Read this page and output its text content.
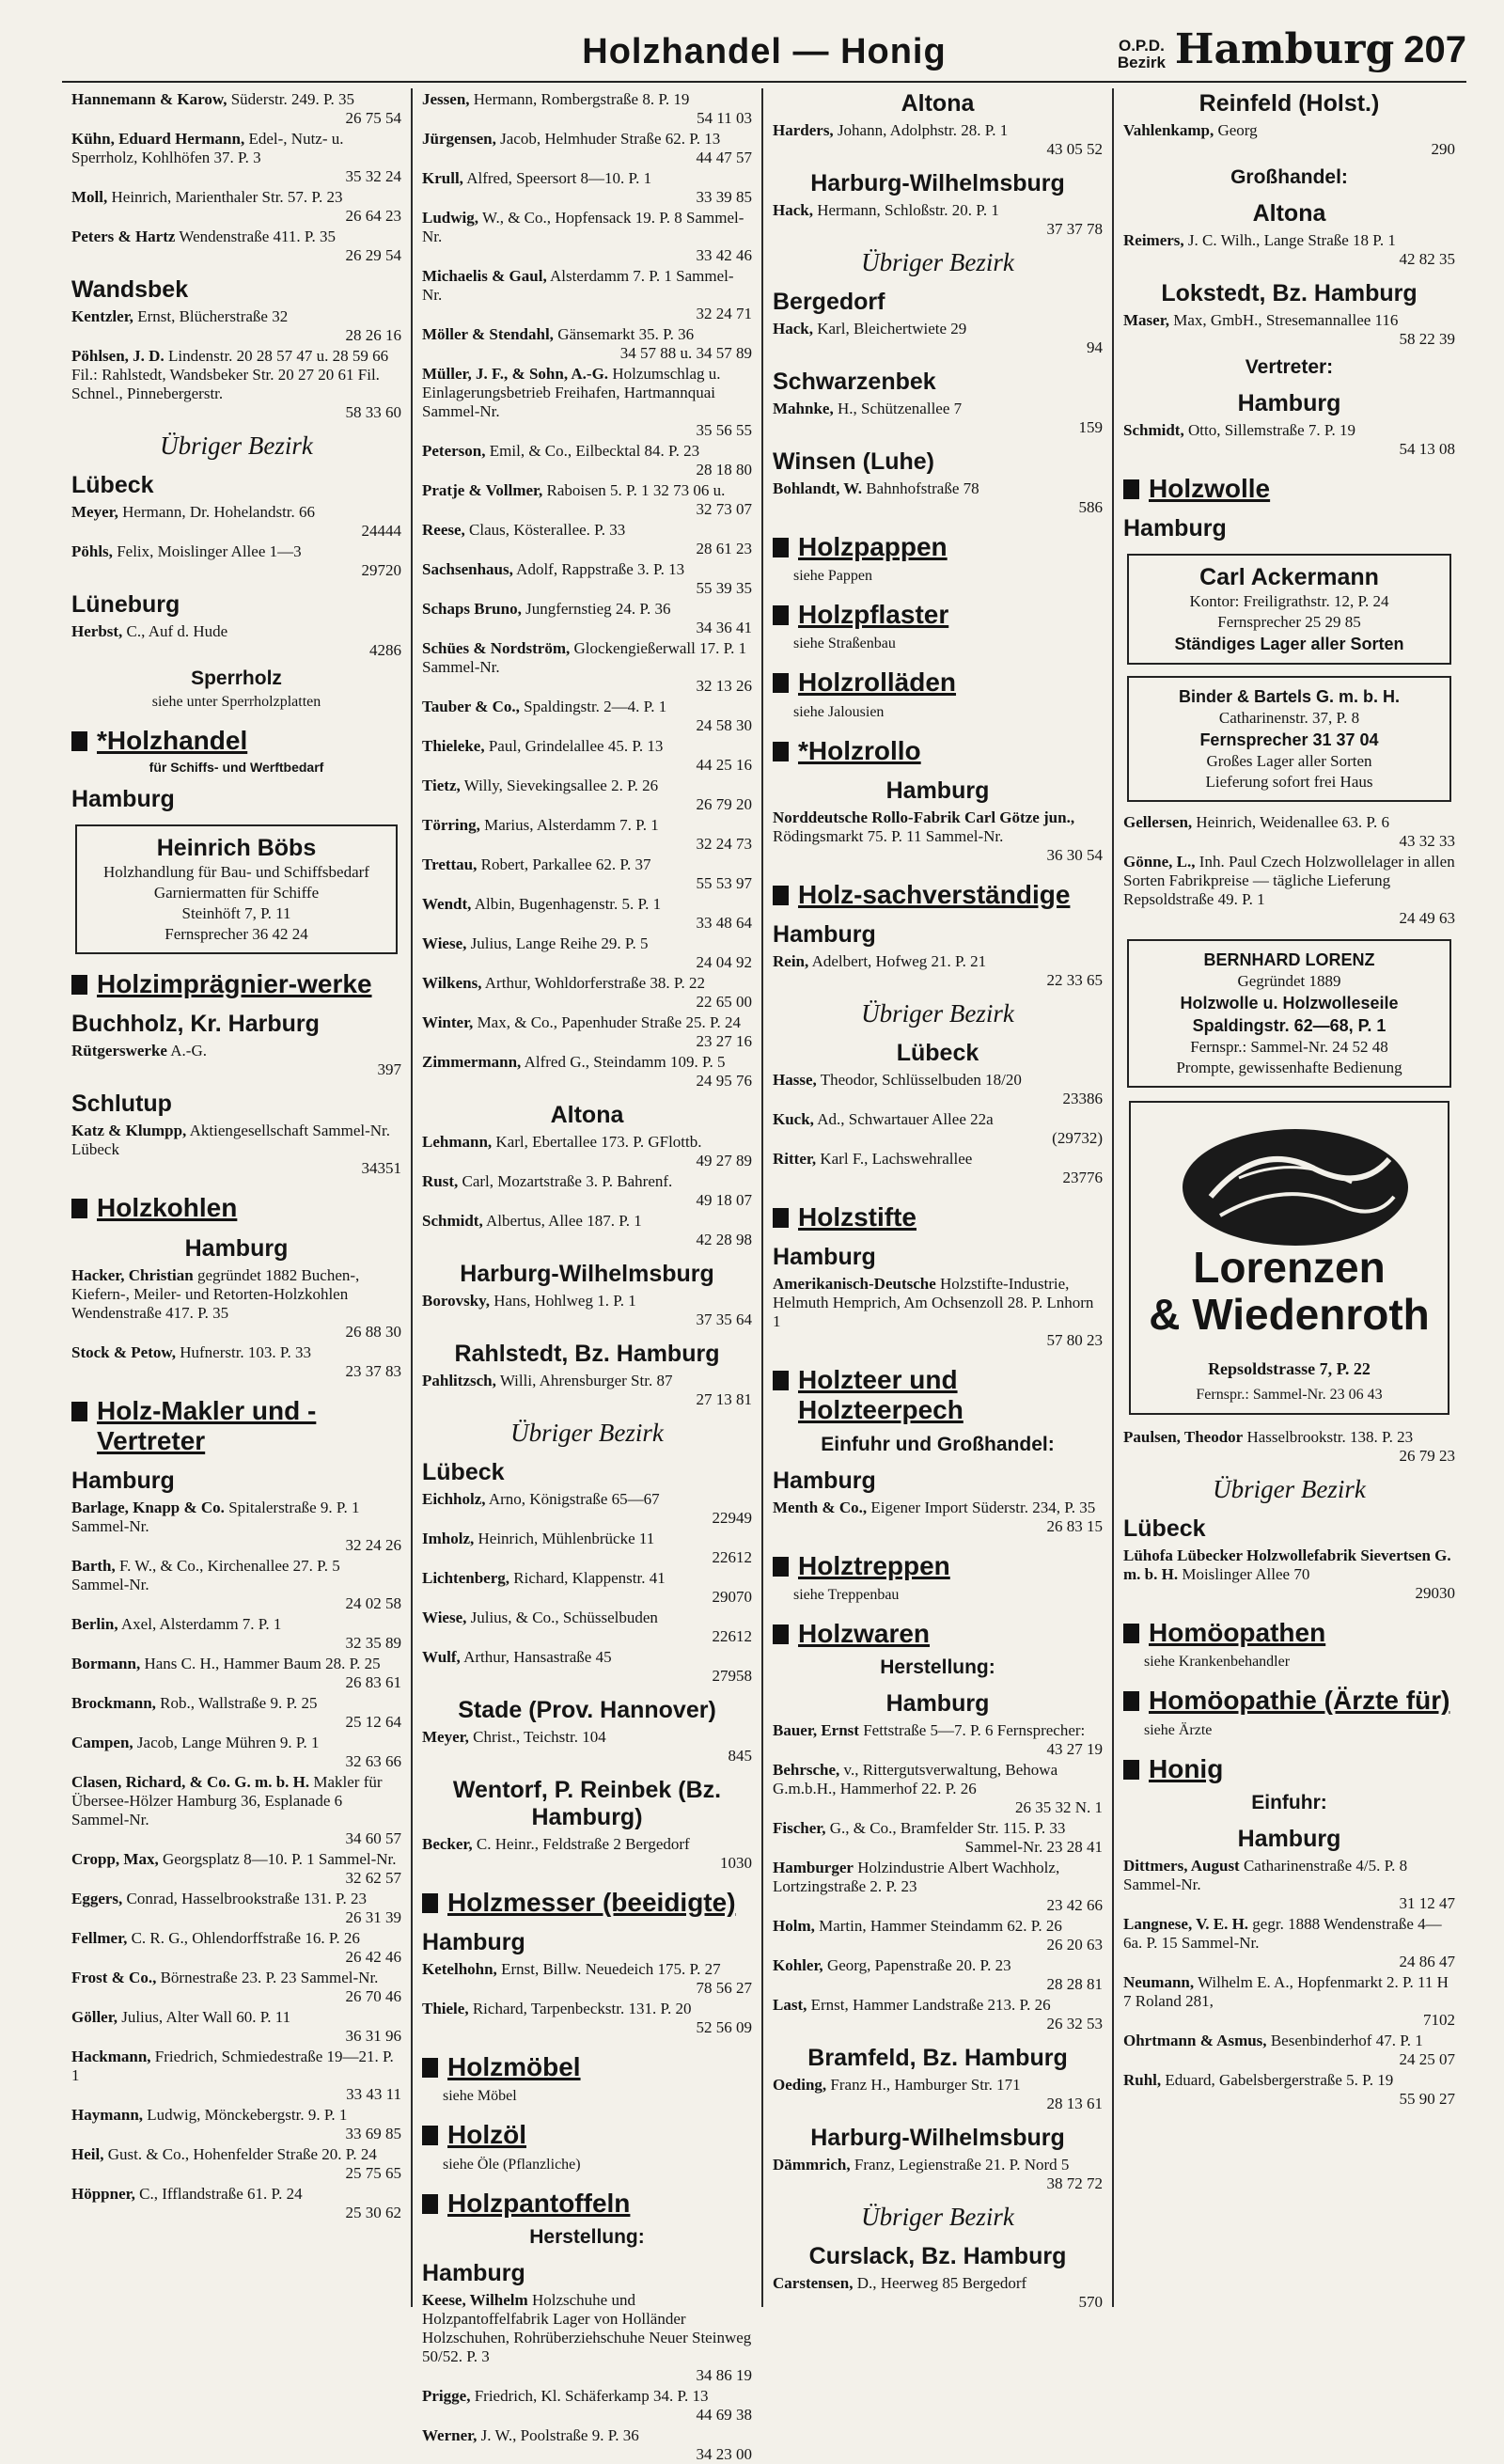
Holzhandel — Honig	O.P.D.
Bezirk Hamburg 207
Hannemann & Karow, Süderstr. 249. P. 35
26 75 54
Kühn, Eduard Hermann, Edel-, Nutz- u. Sperrholz, Kohlhöfen 37. P. 3
35 32 24
Moll, Heinrich, Marienthaler Str. 57. P. 23
26 64 23
Peters & Hartz Wendenstraße 411. P. 35
26 29 54
Wandsbek
Kentzler, Ernst, Blücherstraße 32
28 26 16
Pöhlsen, J. D. Lindenstr. 20 28 57 47 u. 28 59 66 Fil.: Rahlstedt, Wandsbeker Str. 20 27 20 61 Fil. Schnel., Pinnebergerstr.
58 33 60
Übriger Bezirk
Lübeck
Meyer, Hermann, Dr. Hohelandstr. 66
24444
Pöhls, Felix, Moislinger Allee 1—3
29720
Lüneburg
Herbst, C., Auf d. Hude
4286
Sperrholz
siehe unter Sperrholzplatten
*Holzhandel
für Schiffs- und Werftbedarf
Hamburg
Heinrich Böbs
Holzhandlung für Bau- und Schiffsbedarf
Garniermatten für Schiffe
Steinhöft 7, P. 11
Fernsprecher 36 42 24
Holzimprägnier-werke
Buchholz, Kr. Harburg
Rütgerswerke A.-G.
397
Schlutup
Katz & Klumpp, Aktiengesellschaft Sammel-Nr. Lübeck
34351
Holzkohlen
Hamburg
Hacker, Christian gegründet 1882 Buchen-, Kiefern-, Meiler- und Retorten-Holzkohlen Wendenstraße 417. P. 35
26 88 30
Stock & Petow, Hufnerstr. 103. P. 33
23 37 83
Holz-Makler und -Vertreter
Hamburg
Barlage, Knapp & Co. Spitalerstraße 9. P. 1 Sammel-Nr.
32 24 26
Barth, F. W., & Co., Kirchenallee 27. P. 5 Sammel-Nr.
24 02 58
Berlin, Axel, Alsterdamm 7. P. 1
32 35 89
Bormann, Hans C. H., Hammer Baum 28. P. 25
26 83 61
Brockmann, Rob., Wallstraße 9. P. 25
25 12 64
Campen, Jacob, Lange Mühren 9. P. 1
32 63 66
Clasen, Richard, & Co. G. m. b. H. Makler für Übersee-Hölzer Hamburg 36, Esplanade 6 Sammel-Nr.
34 60 57
Cropp, Max, Georgsplatz 8—10. P. 1 Sammel-Nr.
32 62 57
Eggers, Conrad, Hasselbrookstraße 131. P. 23
26 31 39
Fellmer, C. R. G., Ohlendorffstraße 16. P. 26
26 42 46
Frost & Co., Börnestraße 23. P. 23 Sammel-Nr.
26 70 46
Göller, Julius, Alter Wall 60. P. 11
36 31 96
Hackmann, Friedrich, Schmiedestraße 19—21. P. 1
33 43 11
Haymann, Ludwig, Mönckebergstr. 9. P. 1
33 69 85
Heil, Gust. & Co., Hohenfelder Straße 20. P. 24
25 75 65
Höppner, C., Ifflandstraße 61. P. 24
25 30 62
Jessen, Hermann, Rombergstraße 8. P. 19
54 11 03
Jürgensen, Jacob, Helmhuder Straße 62. P. 13
44 47 57
Krull, Alfred, Speersort 8—10. P. 1
33 39 85
Ludwig, W., & Co., Hopfensack 19. P. 8 Sammel-Nr.
33 42 46
Michaelis & Gaul, Alsterdamm 7. P. 1 Sammel-Nr.
32 24 71
Möller & Stendahl, Gänsemarkt 35. P. 36
34 57 88 u. 34 57 89
Müller, J. F., & Sohn, A.-G. Holzumschlag u. Einlagerungsbetrieb Freihafen, Hartmannquai Sammel-Nr.
35 56 55
Peterson, Emil, & Co., Eilbecktal 84. P. 23
28 18 80
Pratje & Vollmer, Raboisen 5. P. 1 32 73 06 u.
32 73 07
Reese, Claus, Kösterallee. P. 33
28 61 23
Sachsenhaus, Adolf, Rappstraße 3. P. 13
55 39 35
Schaps Bruno, Jungfernstieg 24. P. 36
34 36 41
Schües & Nordström, Glockengießerwall 17. P. 1 Sammel-Nr.
32 13 26
Tauber & Co., Spaldingstr. 2—4. P. 1
24 58 30
Thieleke, Paul, Grindelallee 45. P. 13
44 25 16
Tietz, Willy, Sievekingsallee 2. P. 26
26 79 20
Törring, Marius, Alsterdamm 7. P. 1
32 24 73
Trettau, Robert, Parkallee 62. P. 37
55 53 97
Wendt, Albin, Bugenhagenstr. 5. P. 1
33 48 64
Wiese, Julius, Lange Reihe 29. P. 5
24 04 92
Wilkens, Arthur, Wohldorferstraße 38. P. 22
22 65 00
Winter, Max, & Co., Papenhuder Straße 25. P. 24
23 27 16
Zimmermann, Alfred G., Steindamm 109. P. 5
24 95 76
Altona
Lehmann, Karl, Ebertallee 173. P. GFlottb.
49 27 89
Rust, Carl, Mozartstraße 3. P. Bahrenf.
49 18 07
Schmidt, Albertus, Allee 187. P. 1
42 28 98
Harburg-Wilhelmsburg
Borovsky, Hans, Hohlweg 1. P. 1
37 35 64
Rahlstedt, Bz. Hamburg
Pahlitzsch, Willi, Ahrensburger Str. 87
27 13 81
Übriger Bezirk
Lübeck
Eichholz, Arno, Königstraße 65—67
22949
Imholz, Heinrich, Mühlenbrücke 11
22612
Lichtenberg, Richard, Klappenstr. 41
29070
Wiese, Julius, & Co., Schüsselbuden
22612
Wulf, Arthur, Hansastraße 45
27958
Stade (Prov. Hannover)
Meyer, Christ., Teichstr. 104
845
Wentorf, P. Reinbek (Bz. Hamburg)
Becker, C. Heinr., Feldstraße 2 Bergedorf
1030
Holzmesser (beeidigte)
Hamburg
Ketelhohn, Ernst, Billw. Neuedeich 175. P. 27
78 56 27
Thiele, Richard, Tarpenbeckstr. 131. P. 20
52 56 09
Holzmöbel
siehe Möbel
Holzöl
siehe Öle (Pflanzliche)
Holzpantoffeln
Herstellung:
Hamburg
Keese, Wilhelm Holzschuhe und Holzpantoffelfabrik Lager von Holländer Holzschuhen, Rohrüberziehschuhe Neuer Steinweg 50/52. P. 3
34 86 19
Prigge, Friedrich, Kl. Schäferkamp 34. P. 13
44 69 38
Werner, J. W., Poolstraße 9. P. 36
34 23 00
Altona
Harders, Johann, Adolphstr. 28. P. 1
43 05 52
Harburg-Wilhelmsburg
Hack, Hermann, Schloßstr. 20. P. 1
37 37 78
Übriger Bezirk
Bergedorf
Hack, Karl, Bleichertwiete 29
94
Schwarzenbek
Mahnke, H., Schützenallee 7
159
Winsen (Luhe)
Bohlandt, W. Bahnhofstraße 78
586
Holzpappen
siehe Pappen
Holzpflaster
siehe Straßenbau
Holzrolläden
siehe Jalousien
*Holzrollo
Hamburg
Norddeutsche Rollo-Fabrik Carl Götze jun., Rödingsmarkt 75. P. 11 Sammel-Nr.
36 30 54
Holz-sachverständige
Hamburg
Rein, Adelbert, Hofweg 21. P. 21
22 33 65
Übriger Bezirk
Lübeck
Hasse, Theodor, Schlüsselbuden 18/20
23386
Kuck, Ad., Schwartauer Allee 22a
(29732)
Ritter, Karl F., Lachswehrallee
23776
Holzstifte
Hamburg
Amerikanisch-Deutsche Holzstifte-Industrie, Helmuth Hemprich, Am Ochsenzoll 28. P. Lnhorn 1
57 80 23
Holzteer und Holzteerpech
Einfuhr und Großhandel:
Hamburg
Menth & Co., Eigener Import Süderstr. 234, P. 35
26 83 15
Holztreppen
siehe Treppenbau
Holzwaren
Herstellung:
Hamburg
Bauer, Ernst Fettstraße 5—7. P. 6 Fernsprecher:
43 27 19
Behrsche, v., Rittergutsverwaltung, Behowa G.m.b.H., Hammerhof 22. P. 26
26 35 32 N. 1
Fischer, G., & Co., Bramfelder Str. 115. P. 33
Sammel-Nr. 23 28 41
Hamburger Holzindustrie Albert Wachholz, Lortzingstraße 2. P. 23
23 42 66
Holm, Martin, Hammer Steindamm 62. P. 26
26 20 63
Kohler, Georg, Papenstraße 20. P. 23
28 28 81
Last, Ernst, Hammer Landstraße 213. P. 26
26 32 53
Bramfeld, Bz. Hamburg
Oeding, Franz H., Hamburger Str. 171
28 13 61
Harburg-Wilhelmsburg
Dämmrich, Franz, Legienstraße 21. P. Nord 5
38 72 72
Übriger Bezirk
Curslack, Bz. Hamburg
Carstensen, D., Heerweg 85 Bergedorf
570
Reinfeld (Holst.)
Vahlenkamp, Georg
290
Großhandel:
Altona
Reimers, J. C. Wilh., Lange Straße 18 P. 1
42 82 35
Lokstedt, Bz. Hamburg
Maser, Max, GmbH., Stresemannallee 116
58 22 39
Vertreter:
Hamburg
Schmidt, Otto, Sillemstraße 7. P. 19
54 13 08
Holzwolle
Hamburg
Carl Ackermann
Kontor: Freiligrathstr. 12, P. 24
Fernsprecher 25 29 85
Ständiges Lager aller Sorten
Binder & Bartels G. m. b. H.
Catharinenstr. 37, P. 8
Fernsprecher 31 37 04
Großes Lager aller Sorten
Lieferung sofort frei Haus
Gellersen, Heinrich, Weidenallee 63. P. 6
43 32 33
Gönne, L., Inh. Paul Czech Holzwollelager in allen Sorten Fabrikpreise — tägliche Lieferung Repsoldstraße 49. P. 1
24 49 63
BERNHARD LORENZ
Gegründet 1889
Holzwolle u. Holzwolleseile
Spaldingstr. 62—68, P. 1
Fernspr.: Sammel-Nr. 24 52 48
Prompte, gewissenhafte Bedienung
Lorenzen
& Wiedenroth
Repsoldstrasse 7, P. 22
Fernspr.: Sammel-Nr. 23 06 43
Paulsen, Theodor Hasselbrookstr. 138. P. 23
26 79 23
Übriger Bezirk
Lübeck
Lühofa Lübecker Holzwollefabrik Sievertsen G. m. b. H. Moislinger Allee 70
29030
Homöopathen
siehe Krankenbehandler
Homöopathie (Ärzte für)
siehe Ärzte
Honig
Einfuhr:
Hamburg
Dittmers, August Catharinenstraße 4/5. P. 8 Sammel-Nr.
31 12 47
Langnese, V. E. H. gegr. 1888 Wendenstraße 4—6a. P. 15 Sammel-Nr.
24 86 47
Neumann, Wilhelm E. A., Hopfenmarkt 2. P. 11 H 7 Roland 281,
7102
Ohrtmann & Asmus, Besenbinderhof 47. P. 1
24 25 07
Ruhl, Eduard, Gabelsbergerstraße 5. P. 19
55 90 27
